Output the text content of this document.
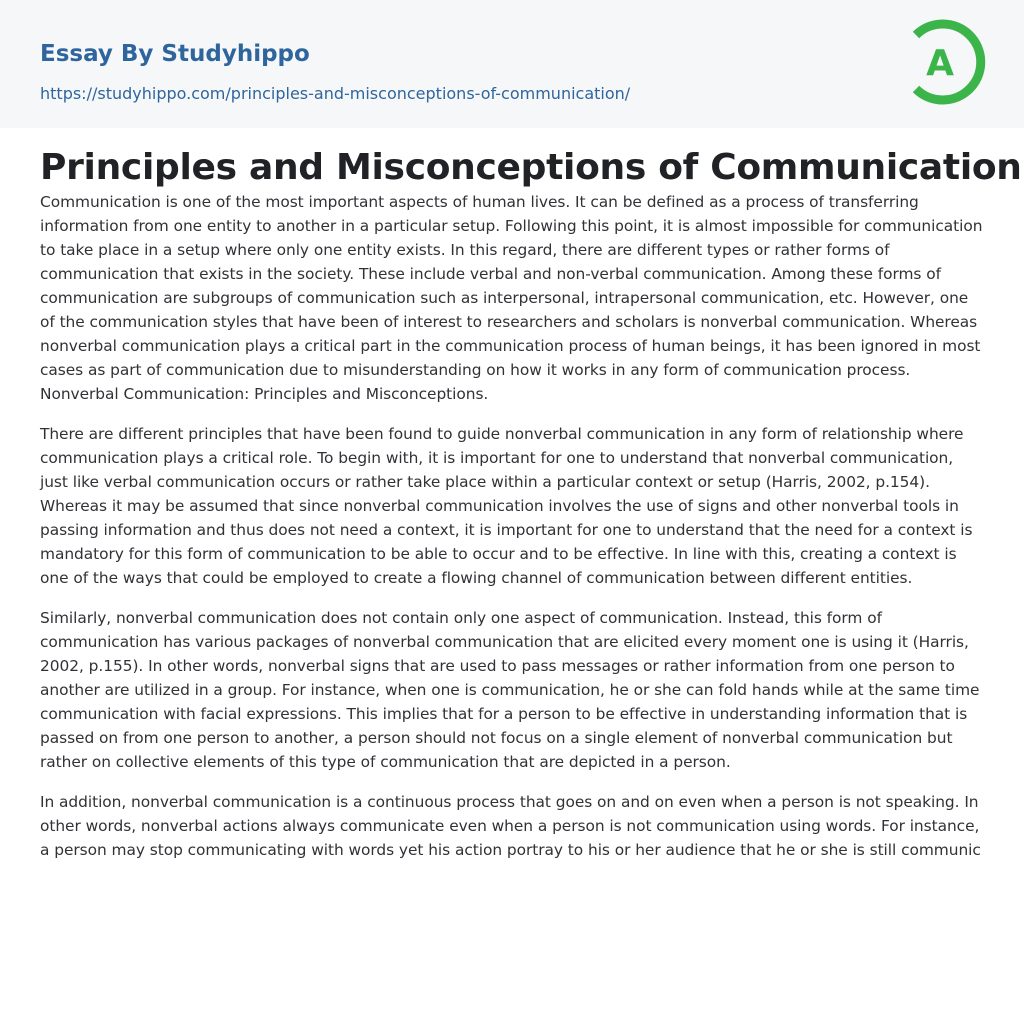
Essay By Studyhippo
https://studyhippo.com/principles-and-misconceptions-of-communication/
A
Principles and Misconceptions of Communication

Communication is one of the most important aspects of human lives. It can be defined as a process of transferring information from one entity to another in a particular setup. Following this point, it is almost impossible for communication to take place in a setup where only one entity exists. In this regard, there are different types or rather forms of communication that exists in the society. These include verbal and non-verbal communication. Among these forms of communication are subgroups of communication such as interpersonal, intrapersonal communication, etc. However, one of the communication styles that have been of interest to researchers and scholars is nonverbal communication. Whereas nonverbal communication plays a critical part in the communication process of human beings, it has been ignored in most cases as part of communication due to misunderstanding on how it works in any form of communication process. Nonverbal Communication: Principles and Misconceptions.

There are different principles that have been found to guide nonverbal communication in any form of relationship where communication plays a critical role. To begin with, it is important for one to understand that nonverbal communication, just like verbal communication occurs or rather take place within a particular context or setup (Harris, 2002, p.154). Whereas it may be assumed that since nonverbal communication involves the use of signs and other nonverbal tools in passing information and thus does not need a context, it is important for one to understand that the need for a context is mandatory for this form of communication to be able to occur and to be effective. In line with this, creating a context is one of the ways that could be employed to create a flowing channel of communication between different entities.

Similarly, nonverbal communication does not contain only one aspect of communication. Instead, this form of communication has various packages of nonverbal communication that are elicited every moment one is using it (Harris, 2002, p.155). In other words, nonverbal signs that are used to pass messages or rather information from one person to another are utilized in a group. For instance, when one is communication, he or she can fold hands while at the same time communication with facial expressions. This implies that for a person to be effective in understanding information that is passed on from one person to another, a person should not focus on a single element of nonverbal communication but rather on collective elements of this type of communication that are depicted in a person.

In addition, nonverbal communication is a continuous process that goes on and on even when a person is not speaking. In other words, nonverbal actions always communicate even when a person is not communication using words. For instance, a person may stop communicating with words yet his action portray to his or her audience that he or she is still communic
